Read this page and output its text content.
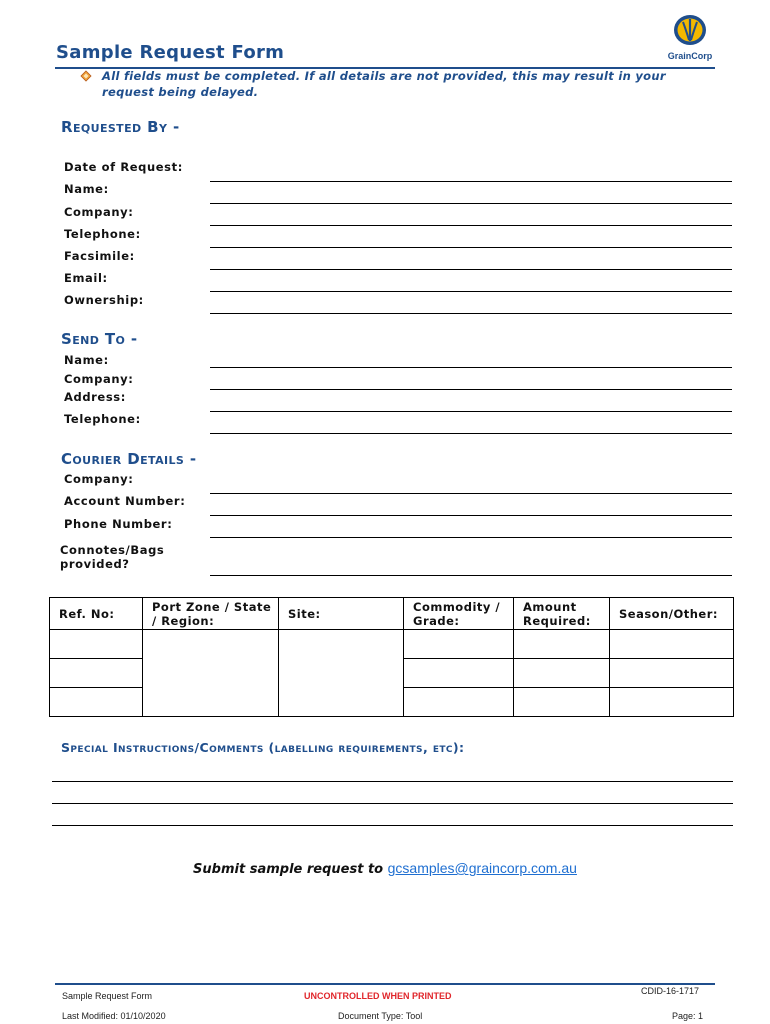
Sample Request Form	GrainCorp
All fields must be completed. If all details are not provided, this may result in your request being delayed.
Requested By -
Date of Request:
Name:
Company:
Telephone:
Facsimile:
Email:
Ownership:
Send To -
Name:
Company:
Address:
Telephone:
Courier Details -
Company:
Account Number:
Phone Number:
Connotes/Bags provided?
Ref. No:	Port Zone / State / Region:	Site:	Commodity / Grade:	Amount Required:	Season/Other:

Special Instructions/Comments (labelling requirements, etc):
Submit sample request to gcsamples@graincorp.com.au
Sample Request Form
Last Modified: 01/10/2020
UNCONTROLLED WHEN PRINTED
Document Type: Tool
CDID-16-1717
Page: 1
